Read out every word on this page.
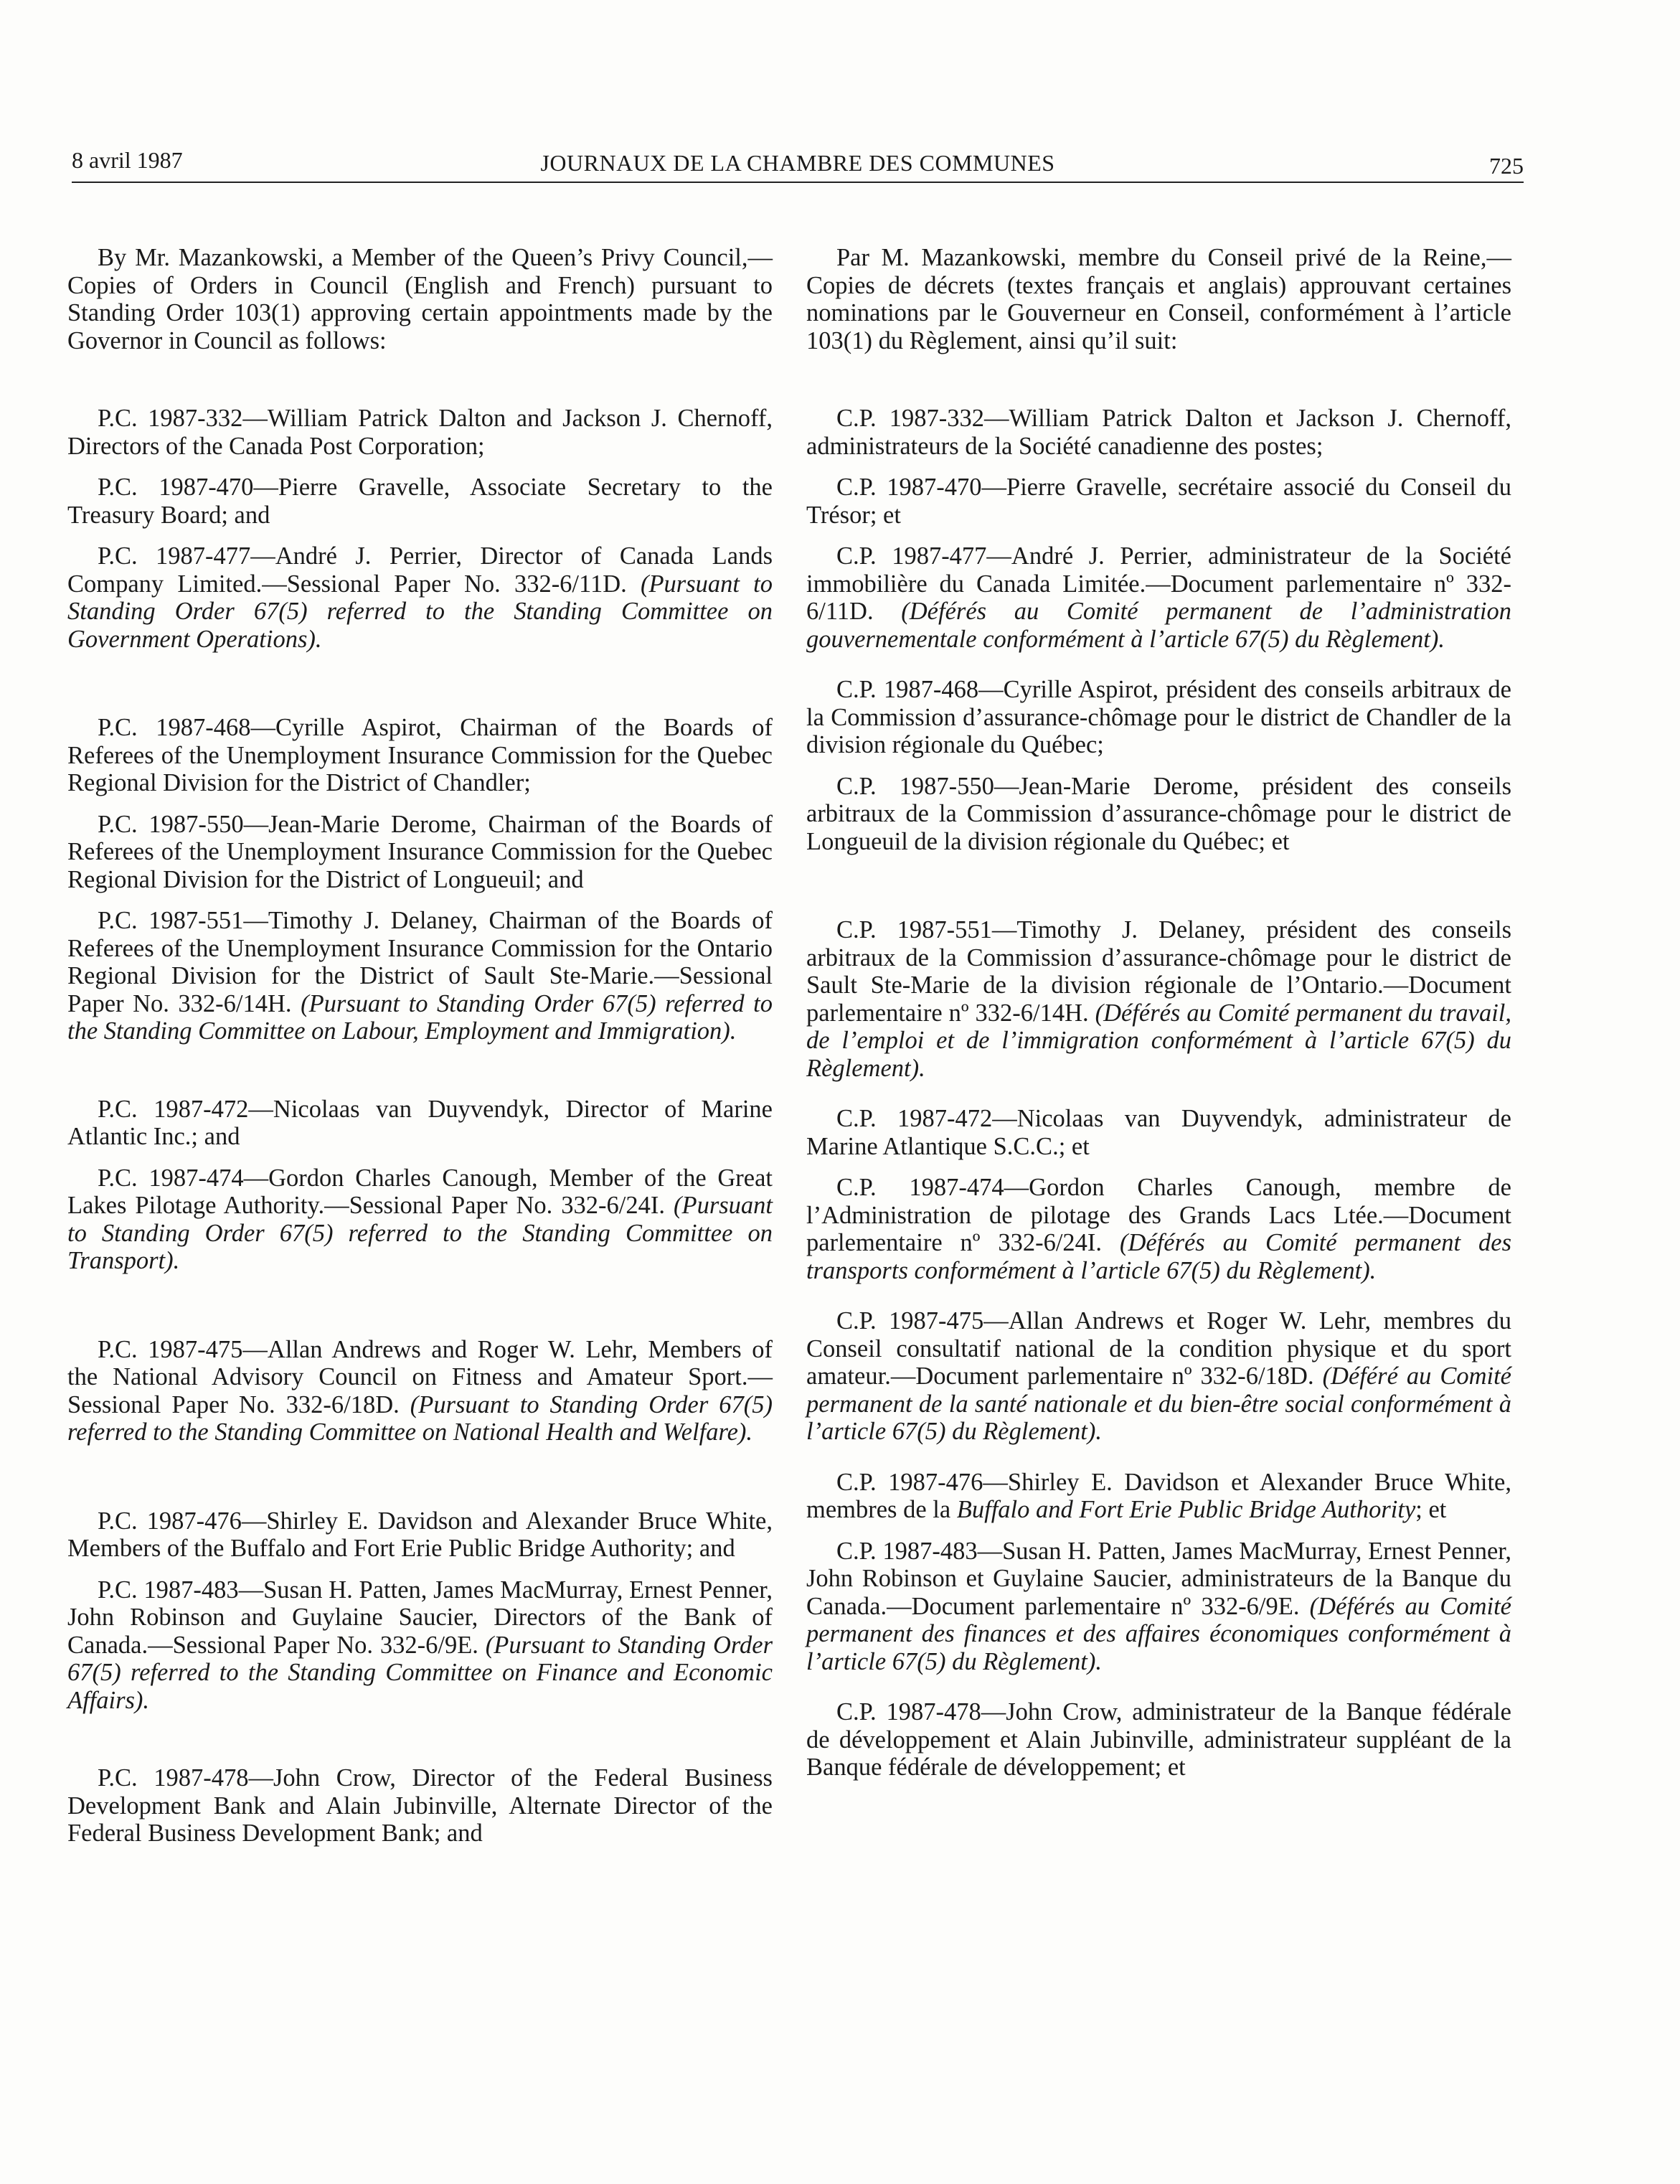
8 avril 1987	JOURNAUX DE LA CHAMBRE DES COMMUNES	725

By Mr. Mazankowski, a Member of the Queen’s Privy Council,—Copies of Orders in Council (English and French) pursuant to Standing Order 103(1) approving certain appointments made by the Governor in Council as follows:

P.C. 1987-332—William Patrick Dalton and Jackson J. Chernoff, Directors of the Canada Post Corporation;

P.C. 1987-470—Pierre Gravelle, Associate Secretary to the Treasury Board; and

P.C. 1987-477—André J. Perrier, Director of Canada Lands Company Limited.—Sessional Paper No. 332-6/11D. (Pursuant to Standing Order 67(5) referred to the Standing Committee on Government Operations).

P.C. 1987-468—Cyrille Aspirot, Chairman of the Boards of Referees of the Unemployment Insurance Commission for the Quebec Regional Division for the District of Chandler;

P.C. 1987-550—Jean-Marie Derome, Chairman of the Boards of Referees of the Unemployment Insurance Commission for the Quebec Regional Division for the District of Longueuil; and

P.C. 1987-551—Timothy J. Delaney, Chairman of the Boards of Referees of the Unemployment Insurance Commission for the Ontario Regional Division for the District of Sault Ste-Marie.—Sessional Paper No. 332-6/14H. (Pursuant to Standing Order 67(5) referred to the Standing Committee on Labour, Employment and Immigration).

P.C. 1987-472—Nicolaas van Duyvendyk, Director of Marine Atlantic Inc.; and

P.C. 1987-474—Gordon Charles Canough, Member of the Great Lakes Pilotage Authority.—Sessional Paper No. 332-6/24I. (Pursuant to Standing Order 67(5) referred to the Standing Committee on Transport).

P.C. 1987-475—Allan Andrews and Roger W. Lehr, Members of the National Advisory Council on Fitness and Amateur Sport.—Sessional Paper No. 332-6/18D. (Pursuant to Standing Order 67(5) referred to the Standing Committee on National Health and Welfare).

P.C. 1987-476—Shirley E. Davidson and Alexander Bruce White, Members of the Buffalo and Fort Erie Public Bridge Authority; and

P.C. 1987-483—Susan H. Patten, James MacMurray, Ernest Penner, John Robinson and Guylaine Saucier, Directors of the Bank of Canada.—Sessional Paper No. 332-6/9E. (Pursuant to Standing Order 67(5) referred to the Standing Committee on Finance and Economic Affairs).

P.C. 1987-478—John Crow, Director of the Federal Business Development Bank and Alain Jubinville, Alternate Director of the Federal Business Development Bank; and

Par M. Mazankowski, membre du Conseil privé de la Reine,—Copies de décrets (textes français et anglais) approuvant certaines nominations par le Gouverneur en Conseil, conformément à l’article 103(1) du Règlement, ainsi qu’il suit:

C.P. 1987-332—William Patrick Dalton et Jackson J. Chernoff, administrateurs de la Société canadienne des postes;

C.P. 1987-470—Pierre Gravelle, secrétaire associé du Conseil du Trésor; et

C.P. 1987-477—André J. Perrier, administrateur de la Société immobilière du Canada Limitée.—Document parlementaire nº 332-6/11D. (Déférés au Comité permanent de l’administration gouvernementale conformément à l’article 67(5) du Règlement).

C.P. 1987-468—Cyrille Aspirot, président des conseils arbitraux de la Commission d’assurance-chômage pour le district de Chandler de la division régionale du Québec;

C.P. 1987-550—Jean-Marie Derome, président des conseils arbitraux de la Commission d’assurance-chômage pour le district de Longueuil de la division régionale du Québec; et

C.P. 1987-551—Timothy J. Delaney, président des conseils arbitraux de la Commission d’assurance-chômage pour le district de Sault Ste-Marie de la division régionale de l’Ontario.—Document parlementaire nº 332-6/14H. (Déférés au Comité permanent du travail, de l’emploi et de l’immigration conformément à l’article 67(5) du Règlement).

C.P. 1987-472—Nicolaas van Duyvendyk, administrateur de Marine Atlantique S.C.C.; et

C.P. 1987-474—Gordon Charles Canough, membre de l’Administration de pilotage des Grands Lacs Ltée.—Document parlementaire nº 332-6/24I. (Déférés au Comité permanent des transports conformément à l’article 67(5) du Règlement).

C.P. 1987-475—Allan Andrews et Roger W. Lehr, membres du Conseil consultatif national de la condition physique et du sport amateur.—Document parlementaire nº 332-6/18D. (Déféré au Comité permanent de la santé nationale et du bien-être social conformément à l’article 67(5) du Règlement).

C.P. 1987-476—Shirley E. Davidson et Alexander Bruce White, membres de la Buffalo and Fort Erie Public Bridge Authority; et

C.P. 1987-483—Susan H. Patten, James MacMurray, Ernest Penner, John Robinson et Guylaine Saucier, administrateurs de la Banque du Canada.—Document parlementaire nº 332-6/9E. (Déférés au Comité permanent des finances et des affaires économiques conformément à l’article 67(5) du Règlement).

C.P. 1987-478—John Crow, administrateur de la Banque fédérale de développement et Alain Jubinville, administrateur suppléant de la Banque fédérale de développement; et
